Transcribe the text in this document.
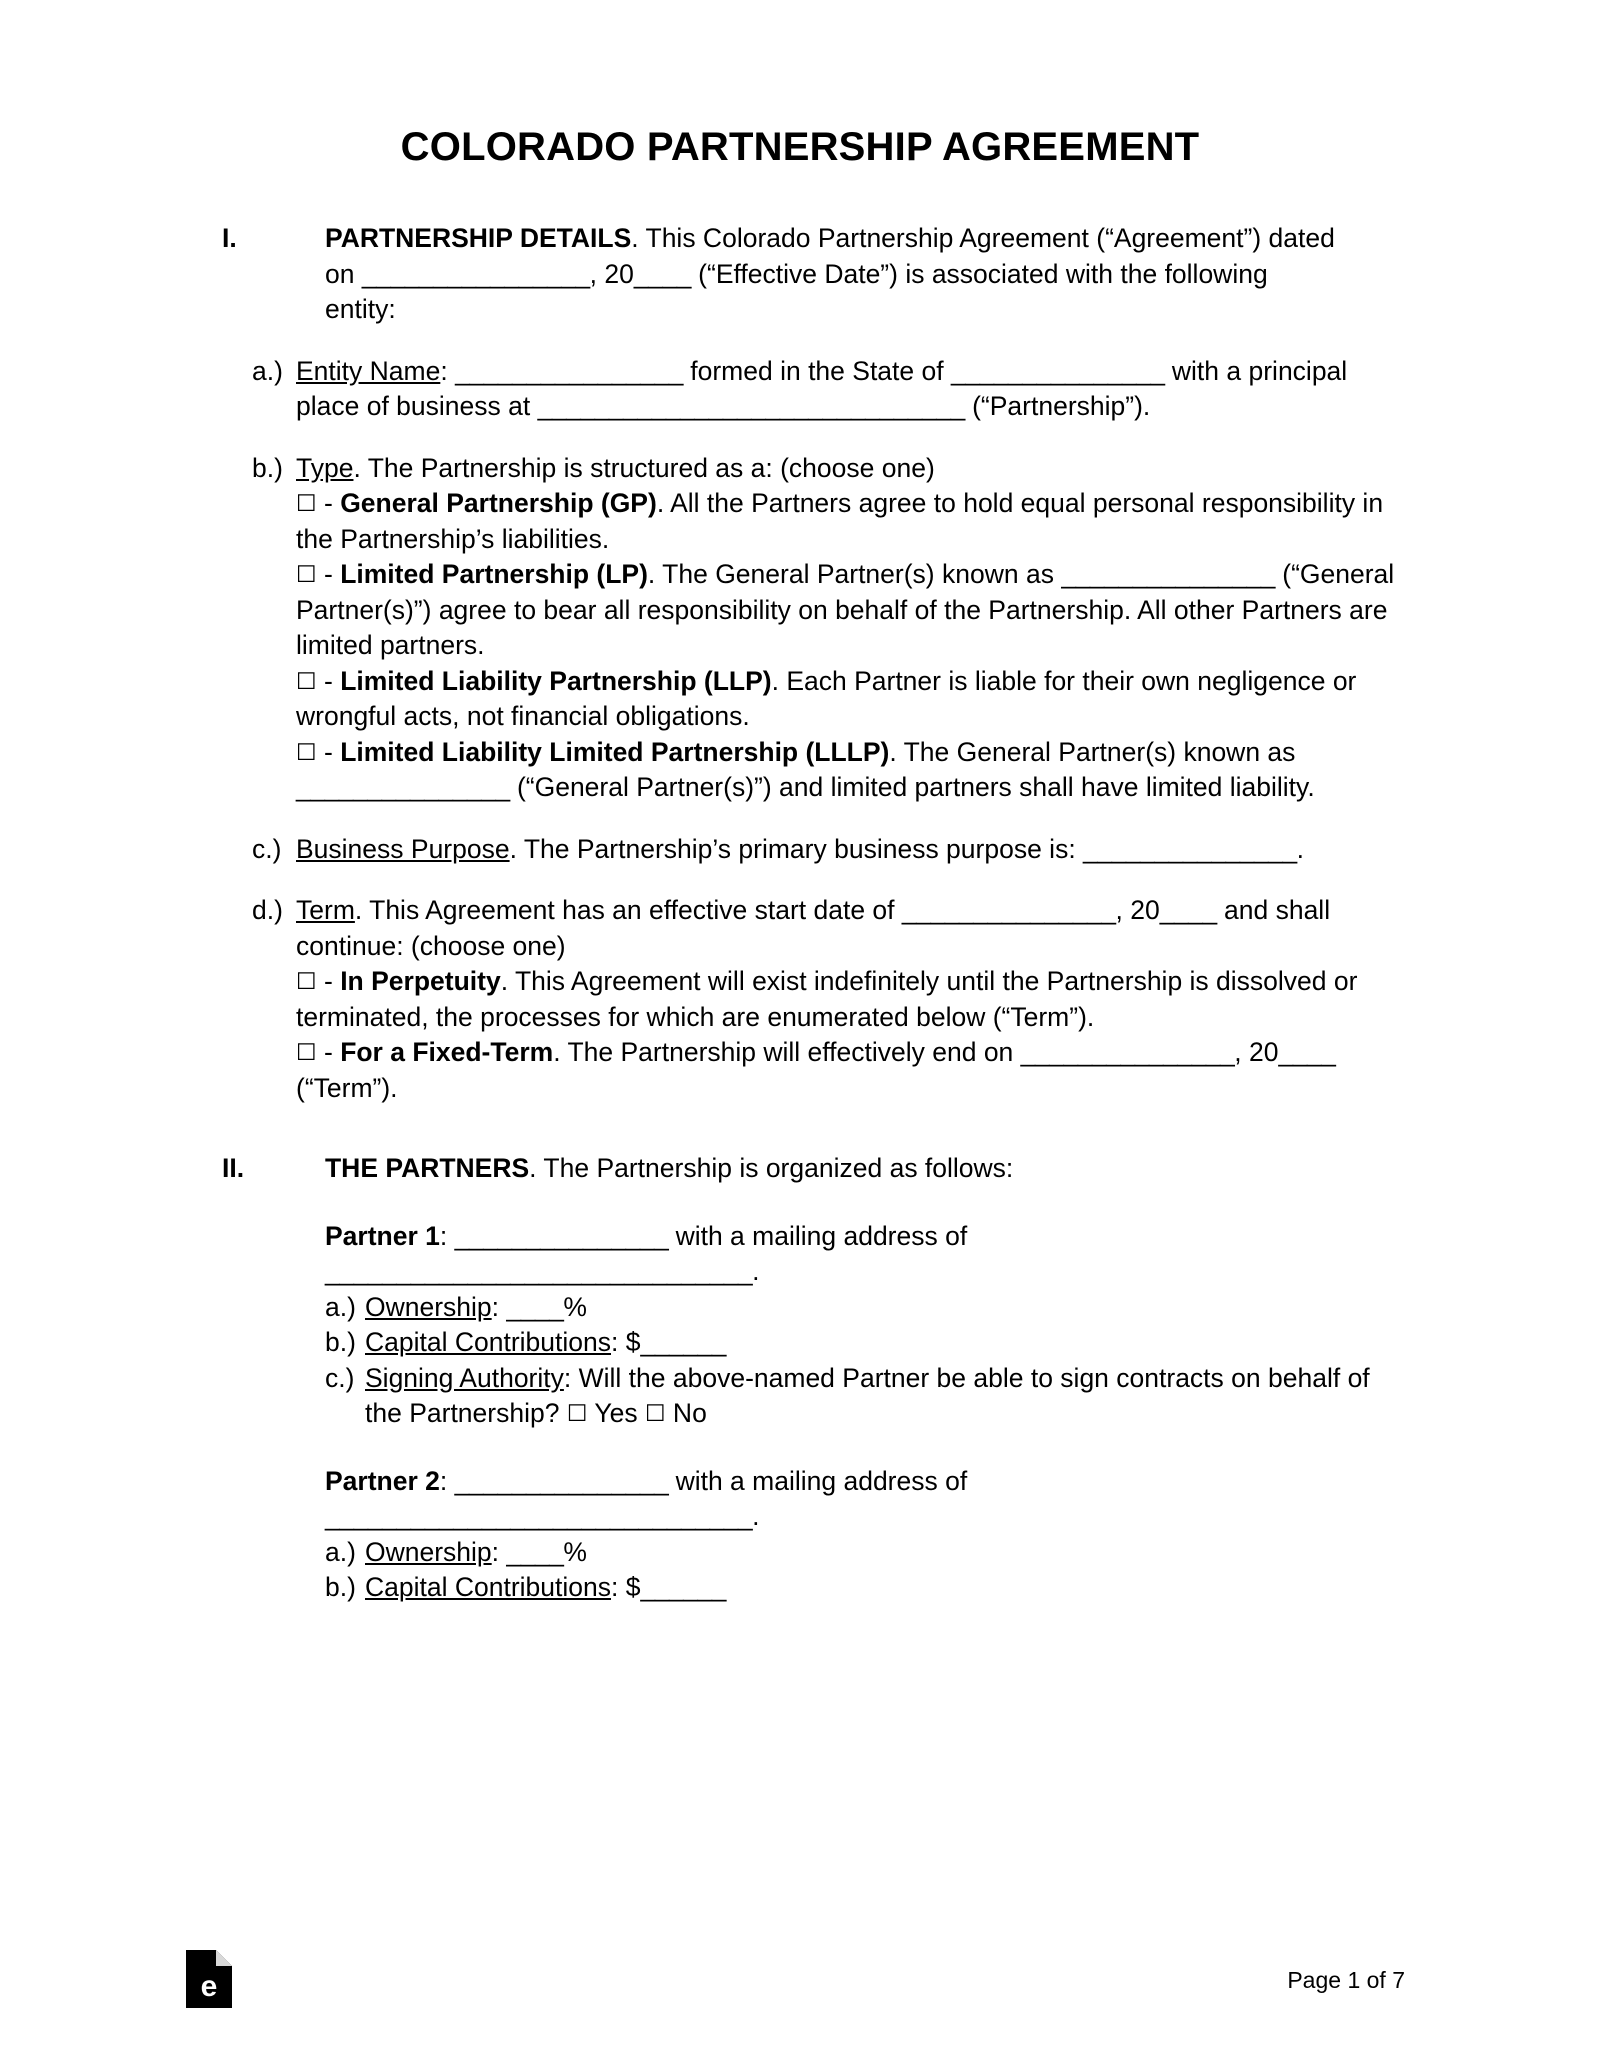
COLORADO PARTNERSHIP AGREEMENT
I.	PARTNERSHIP DETAILS. This Colorado Partnership Agreement (“Agreement”) dated on ________________, 20____ (“Effective Date”) is associated with the following entity:
a.) Entity Name: ________________ formed in the State of _______________ with a principal place of business at ______________________________ (“Partnership”).
b.) Type. The Partnership is structured as a: (choose one)
☐ - General Partnership (GP). All the Partners agree to hold equal personal responsibility in the Partnership’s liabilities.
☐ - Limited Partnership (LP). The General Partner(s) known as _______________ (“General Partner(s)”) agree to bear all responsibility on behalf of the Partnership. All other Partners are limited partners.
☐ - Limited Liability Partnership (LLP). Each Partner is liable for their own negligence or wrongful acts, not financial obligations.
☐ - Limited Liability Limited Partnership (LLLP). The General Partner(s) known as _______________ (“General Partner(s)”) and limited partners shall have limited liability.
c.) Business Purpose. The Partnership’s primary business purpose is: _______________.
d.) Term. This Agreement has an effective start date of _______________, 20____ and shall continue: (choose one)
☐ - In Perpetuity. This Agreement will exist indefinitely until the Partnership is dissolved or terminated, the processes for which are enumerated below (“Term”).
☐ - For a Fixed-Term. The Partnership will effectively end on _______________, 20____ (“Term”).
II.	THE PARTNERS. The Partnership is organized as follows:
Partner 1: _______________ with a mailing address of ______________________________.
a.) Ownership: ____%
b.) Capital Contributions: $______
c.) Signing Authority: Will the above-named Partner be able to sign contracts on behalf of the Partnership? ☐ Yes ☐ No
Partner 2: _______________ with a mailing address of ______________________________.
a.) Ownership: ____%
b.) Capital Contributions: $______
e	Page 1 of 7
